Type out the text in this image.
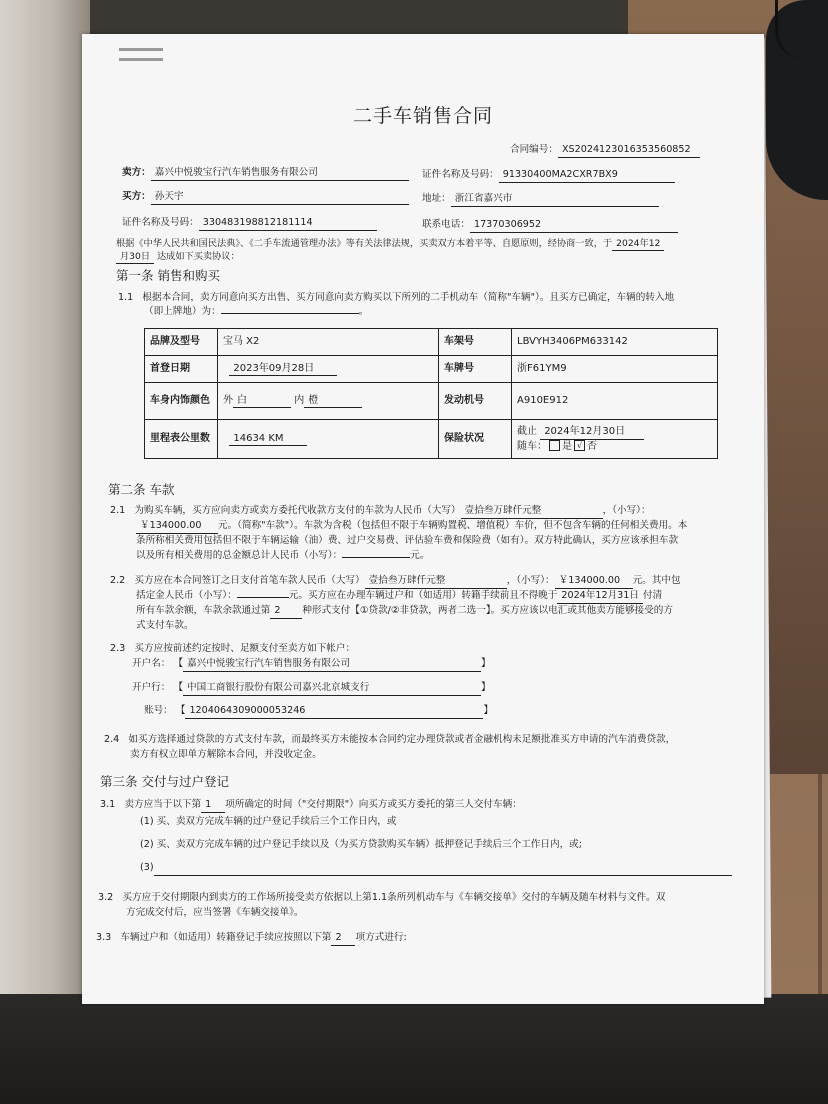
二手车销售合同
合同编号： XS2024123016353560852
卖方： 嘉兴中悦骏宝行汽车销售服务有限公司	证件名称及号码： 91330400MA2CXR7BX9
买方： 孙天宇	地址： 浙江省嘉兴市
证件名称及号码： 330483198812181114	联系电话： 17370306952
根据《中华人民共和国民法典》、《二手车流通管理办法》等有关法律法规，买卖双方本着平等、自愿原则，经协商一致，于 2024年12
月30日 达成如下买卖协议：
第一条 销售和购买
1.1 根据本合同，卖方同意向买方出售、买方同意向卖方购买以下所列的二手机动车（简称"车辆"）。且买方已确定，车辆的转入地
（即上牌地）为：	。
品牌及型号	宝马 X2	车架号	LBVYH3406PM633142
首登日期	2023年09月28日	车牌号	浙F61YM9
车身内饰颜色	外 白 内 橙	发动机号	A910E912
里程表公里数	14634 KM	保险状况	截止 2024年12月30日
随车： 是 √ 否
第二条 车款
2.1 为购买车辆，买方应向卖方或卖方委托代收款方支付的车款为人民币（大写） 壹拾叁万肆仟元整	，（小写）：
￥134000.00 元。（简称"车款"）。车款为含税（包括但不限于车辆购置税、增值税）车价，但不包含车辆的任何相关费用。本
条所称相关费用包括但不限于车辆运输（油）费、过户交易费、评估验车费和保险费（如有）。双方特此确认，买方应该承担车款
以及所有相关费用的总金额总计人民币（小写）：	元。
2.2 买方应在本合同签订之日支付首笔车款人民币（大写） 壹拾叁万肆仟元整	，（小写）： ￥134000.00 元。其中包
括定金人民币（小写）：	元。买方应在办理车辆过户和（如适用）转籍手续前且不得晚于 2024年12月31日 付清
所有车款余额，车款余款通过第 2 种形式支付【①贷款/②非贷款，两者二选一】。买方应该以电汇或其他卖方能够接受的方
式支付车款。
2.3 买方应按前述约定按时、足额支付至卖方如下帐户：
开户名： 【 嘉兴中悦骏宝行汽车销售服务有限公司	】
开户行： 【 中国工商银行股份有限公司嘉兴北京城支行	】
账号： 【 1204064309000053246	】
2.4 如买方选择通过贷款的方式支付车款，而最终买方未能按本合同约定办理贷款或者金融机构未足额批准买方申请的汽车消费贷款，
卖方有权立即单方解除本合同，并没收定金。
第三条 交付与过户登记
3.1 卖方应当于以下第 1 项所确定的时间（"交付期限"）向买方或买方委托的第三人交付车辆：
(1) 买、卖双方完成车辆的过户登记手续后三个工作日内，或
(2) 买、卖双方完成车辆的过户登记手续以及（为买方贷款购买车辆）抵押登记手续后三个工作日内，或;
(3)
3.2 买方应于交付期限内到卖方的工作场所接受卖方依据以上第1.1条所列机动车与《车辆交接单》交付的车辆及随车材料与文件。双
方完成交付后，应当签署《车辆交接单》。
3.3 车辆过户和（如适用）转籍登记手续应按照以下第 2 项方式进行:
